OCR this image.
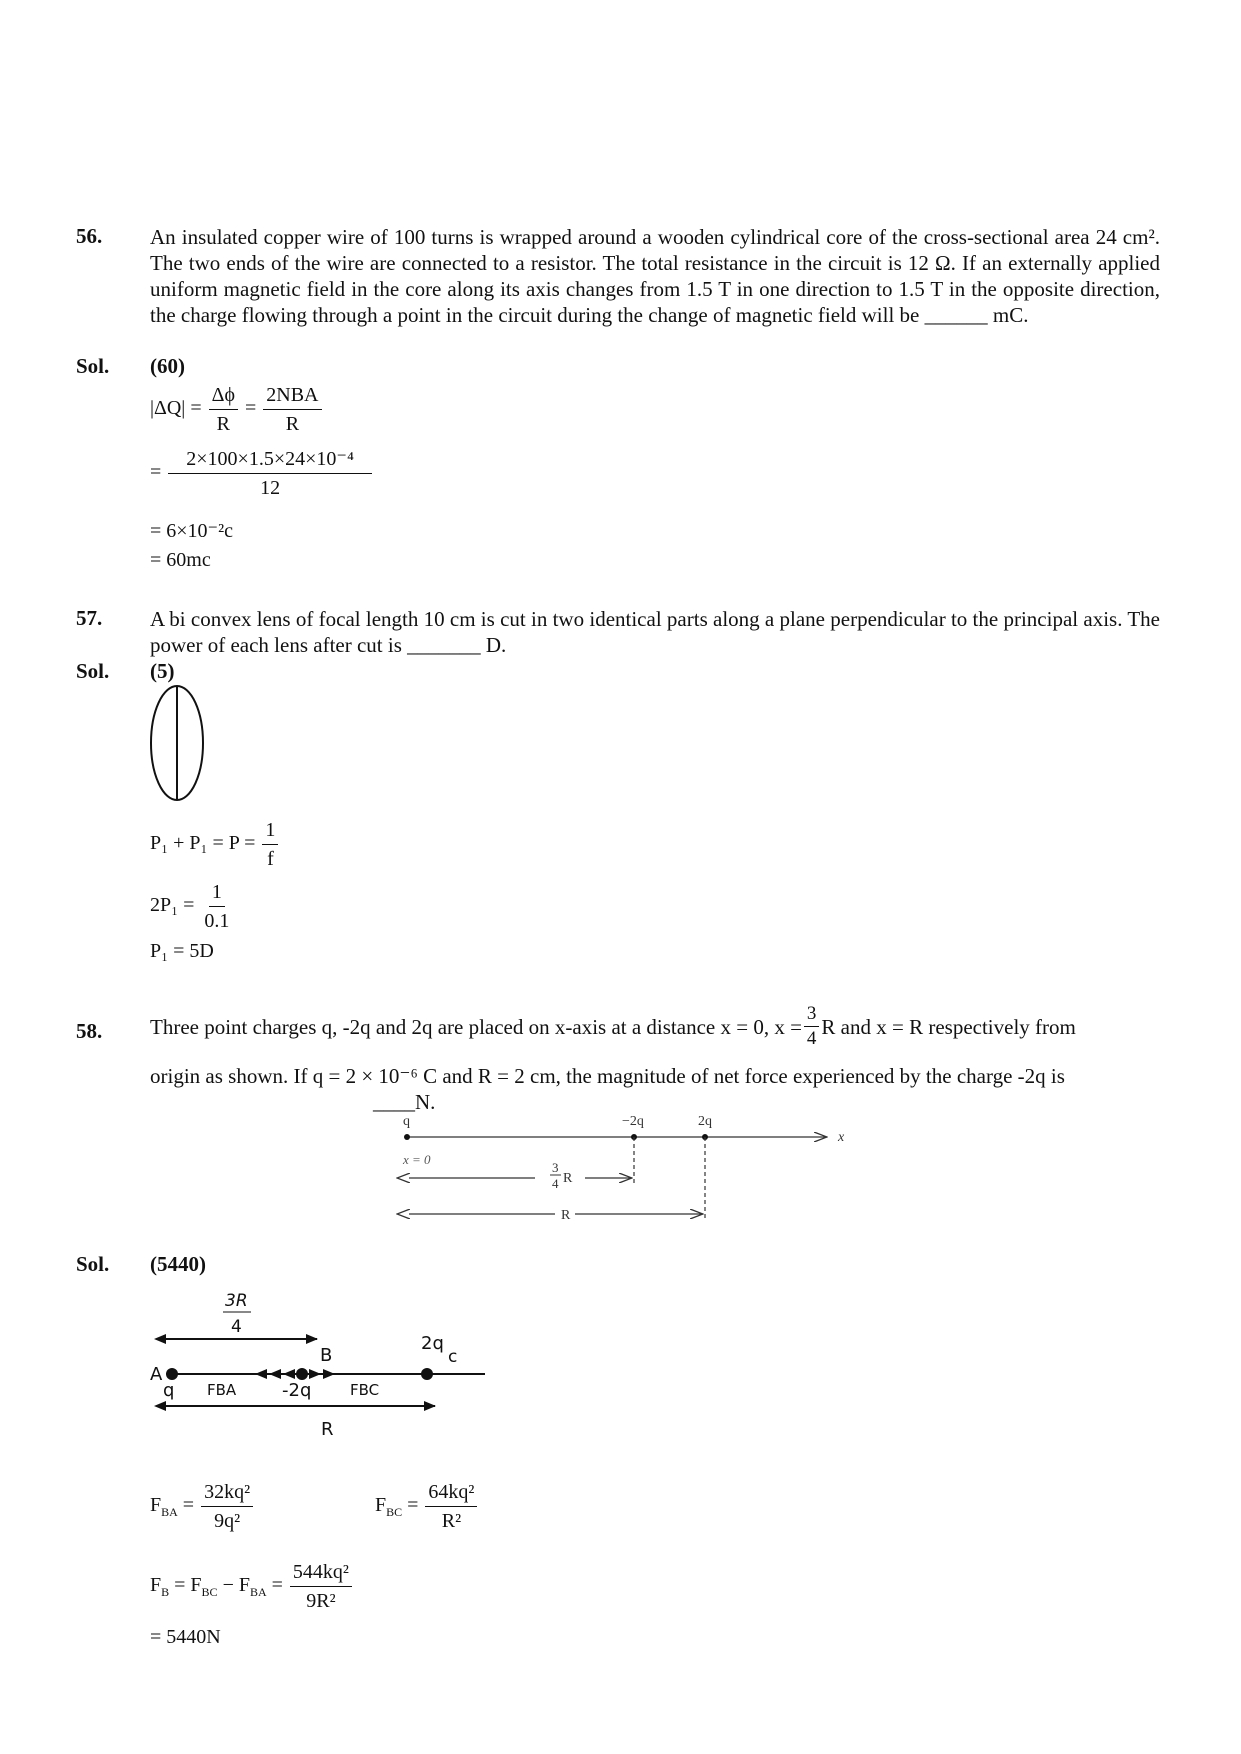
56. An insulated copper wire of 100 turns is wrapped around a wooden cylindrical core of the cross-sectional area 24 cm². The two ends of the wire are connected to a resistor. The total resistance in the circuit is 12 Ω. If an externally applied uniform magnetic field in the core along its axis changes from 1.5 T in one direction to 1.5 T in the opposite direction, the charge flowing through a point in the circuit during the change of magnetic field will be ______ mC.
Sol. (60)
$|\Delta Q| = \frac{\Delta\phi}{R} = \frac{\text{2NBA}}{R}$
= $\frac{\text{2×100×1.5×24×10⁻⁴}}{12}$
= 6×10⁻²c
= 60mc
57. A bi convex lens of focal length 10 cm is cut in two identical parts along a plane perpendicular to the principal axis. The power of each lens after cut is _______ D.
Sol. (5)
$P_1 + P_1 = P = \frac{1}{f}$
$2P_1 = \frac{1}{0.1}$
P₁ = 5D
58. Three point charges q, -2q and 2q are placed on x-axis at a distance x = 0, $x = \frac{3}{4}$ R and x = R respectively from
origin as shown. If q = 2 × 10⁻⁶ C and R = 2 cm, the magnitude of net force experienced by the charge -2q is
____N.
q	−2q	2q
x
x = 0
3
4 R
R
Sol. (5440)
3R
4
B
2q
c
A
q FBA	-2q	FBC
R
$F_{BA} = \frac{\text{32kq²}}{\text{9q²}}$	$F_{BC} = \frac{\text{64kq²}}{\text{R²}}$
$F_B = F_{BC} - F_{BA} = \frac{\text{544kq²}}{\text{9R²}}$
= 5440N
